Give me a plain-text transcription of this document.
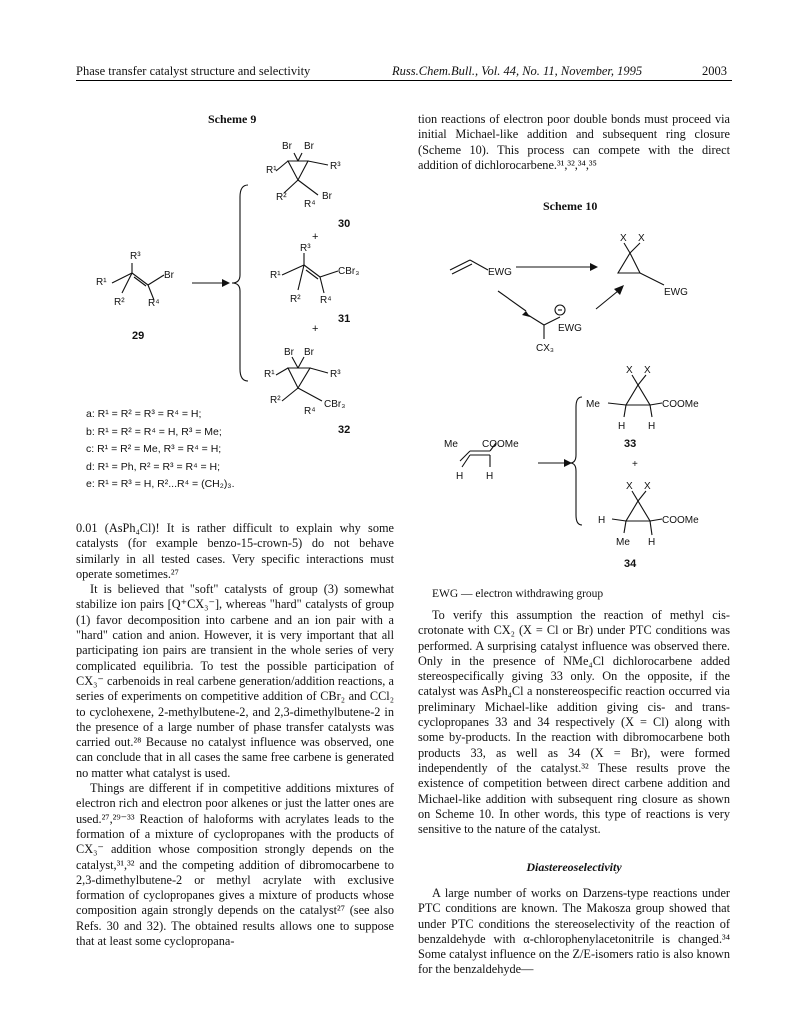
Phase transfer catalyst structure and selectivity	Russ.Chem.Bull., Vol. 44, No. 11, November, 1995	2003
Scheme 9
R³
R¹
Br
R² R⁴
Br Br
R¹	R³
R²
R⁴
Br
R³
R¹	CBr₃
R² R⁴
Br Br
R¹	R³
R²
R⁴
CBr₃
29
30
31
+
+
32
a: R¹ = R² = R³ = R⁴ = H;
b: R¹ = R² = R⁴ = H, R³ = Me;
c: R¹ = R² = Me, R³ = R⁴ = H;
d: R¹ = Ph, R² = R³ = R⁴ = H;
e: R¹ = R³ = H, R²...R⁴ = (CH₂)₃.

0.01 (AsPh₄Cl)! It is rather difficult to explain why some catalysts (for example benzo-15-crown-5) do not behave similarly in all tested cases. Very specific interactions must operate sometimes.²⁷

It is believed that "soft" catalysts of group (3) somewhat stabilize ion pairs [Q⁺CX₃⁻], whereas "hard" catalysts of group (1) favor decomposition into carbene and an ion pair with a "hard" cation and anion. However, it is very important that all participating ion pairs are transient in the whole series of very complicated equilibria. To test the possible participation of CX₃⁻ carbenoids in real carbene generation/addition reactions, a series of experiments on competitive addition of CBr₂ and CCl₂ to cyclohexene, 2-methylbutene-2, and 2,3-dimethylbutene-2 in the presence of a large number of phase transfer catalysts was carried out.²⁸ Because no catalyst influence was observed, one can conclude that in all cases the same free carbene is generated no matter what catalyst is used.

Things are different if in competitive additions mixtures of electron rich and electron poor alkenes or just the latter ones are used.²⁷,²⁹⁻³³ Reaction of haloforms with acrylates leads to the formation of a mixture of cyclopropanes with the products of CX₃⁻ addition whose composition strongly depends on the catalyst,³¹,³² and the competing addition of dibromocarbene to 2,3-dimethylbutene-2 or methyl acrylate with exclusive formation of cyclopropanes gives a mixture of products whose composition again strongly depends on the catalyst²⁷ (see also Refs. 30 and 32). The obtained results allows one to suppose that at least some cyclopropana-

tion reactions of electron poor double bonds must proceed via initial Michael-like addition and subsequent ring closure (Scheme 10). This process can compete with the direct addition of dichlorocarbene.³¹,³²,³⁴,³⁵

Scheme 10
EWG
X X
EWG
EWG
CX₃
Me COOMe
H H
X X
Me	COOMe
H H
+
X X
H	COOMe
Me H
33
34
EWG — electron withdrawing group

To verify this assumption the reaction of methyl cis-crotonate with CX₂ (X = Cl or Br) under PTC conditions was performed. A surprising catalyst influence was observed there. Only in the presence of NMe₄Cl dichlorocarbene added stereospecifically giving 33 only. On the opposite, if the catalyst was AsPh₄Cl a nonstereospecific reaction occurred via preliminary Michael-like addition giving cis- and trans- cyclopropanes 33 and 34 respectively (X = Cl) along with some by-products. In the reaction with dibromocarbene both products 33, as well as 34 (X = Br), were formed independently of the catalyst.³² These results prove the existence of competition between direct carbene addition and Michael-like addition with subsequent ring closure as shown on Scheme 10. In other words, this type of reactions is very sensitive to the nature of the catalyst.

Diastereoselectivity

A large number of works on Darzens-type reactions under PTC conditions are known. The Makosza group showed that under PTC conditions the stereoselectivity of the reaction of benzaldehyde with α-chlorophenylacetonitrile is changed.³⁴ Some catalyst influence on the Z/E-isomers ratio is also known for the benzaldehyde—
